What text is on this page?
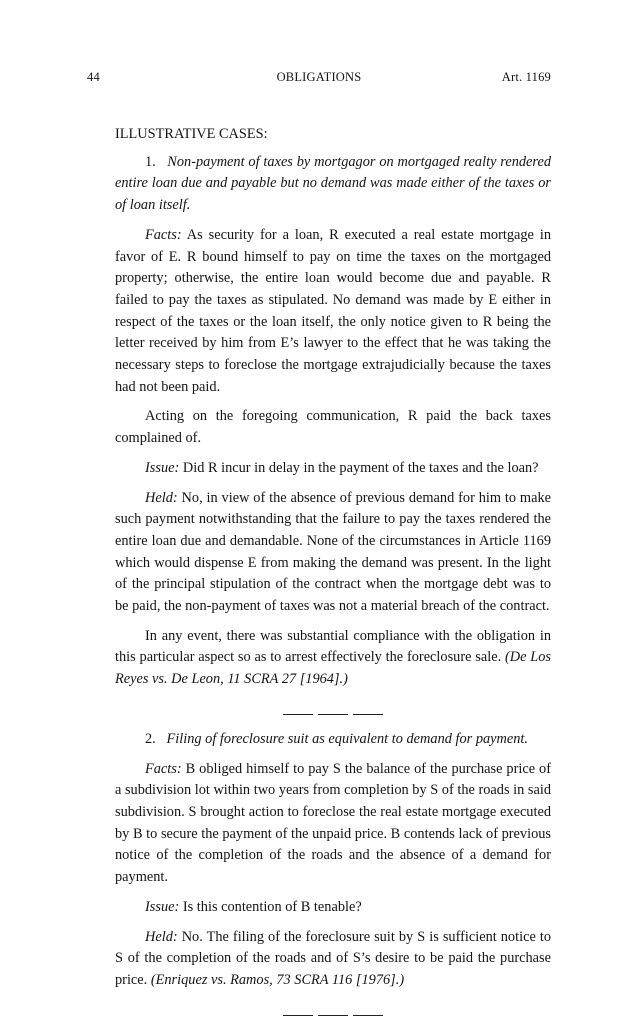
44	OBLIGATIONS	Art. 1169

ILLUSTRATIVE CASES:

1. Non-payment of taxes by mortgagor on mortgaged realty rendered entire loan due and payable but no demand was made either of the taxes or of loan itself.

Facts: As security for a loan, R executed a real estate mortgage in favor of E. R bound himself to pay on time the taxes on the mortgaged property; otherwise, the entire loan would become due and payable. R failed to pay the taxes as stipulated. No demand was made by E either in respect of the taxes or the loan itself, the only notice given to R being the letter received by him from E’s lawyer to the effect that he was taking the necessary steps to foreclose the mortgage extrajudicially because the taxes had not been paid.

Acting on the foregoing communication, R paid the back taxes complained of.

Issue: Did R incur in delay in the payment of the taxes and the loan?

Held: No, in view of the absence of previous demand for him to make such payment notwithstanding that the failure to pay the taxes rendered the entire loan due and demandable. None of the circumstances in Article 1169 which would dispense E from making the demand was present. In the light of the principal stipulation of the contract when the mortgage debt was to be paid, the non-payment of taxes was not a material breach of the contract.

In any event, there was substantial compliance with the obligation in this particular aspect so as to arrest effectively the foreclosure sale. (De Los Reyes vs. De Leon, 11 SCRA 27 [1964].)

2. Filing of foreclosure suit as equivalent to demand for payment.

Facts: B obliged himself to pay S the balance of the purchase price of a subdivision lot within two years from completion by S of the roads in said subdivision. S brought action to foreclose the real estate mortgage executed by B to secure the payment of the unpaid price. B contends lack of previous notice of the completion of the roads and the absence of a demand for payment.

Issue: Is this contention of B tenable?

Held: No. The filing of the foreclosure suit by S is sufficient notice to S of the completion of the roads and of S’s desire to be paid the purchase price. (Enriquez vs. Ramos, 73 SCRA 116 [1976].)
